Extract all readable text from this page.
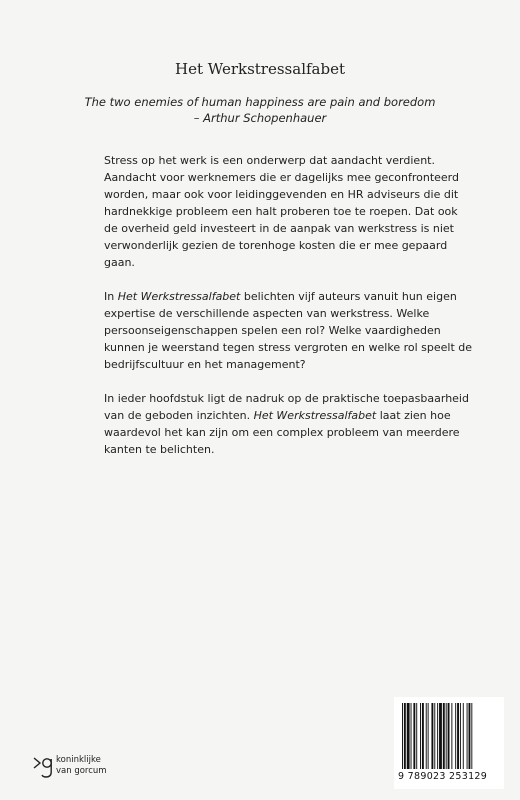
Het Werkstressalfabet
The two enemies of human happiness are pain and boredom
– Arthur Schopenhauer

Stress op het werk is een onderwerp dat aandacht verdient.
Aandacht voor werknemers die er dagelijks mee geconfronteerd
worden, maar ook voor leidinggevenden en HR adviseurs die dit
hardnekkige probleem een halt proberen toe te roepen. Dat ook
de overheid geld investeert in de aanpak van werkstress is niet
verwonderlijk gezien de torenhoge kosten die er mee gepaard
gaan.

In Het Werkstressalfabet belichten vijf auteurs vanuit hun eigen
expertise de verschillende aspecten van werkstress. Welke
persoonseigenschappen spelen een rol? Welke vaardigheden
kunnen je weerstand tegen stress vergroten en welke rol speelt de
bedrijfscultuur en het management?

In ieder hoofdstuk ligt de nadruk op de praktische toepasbaarheid
van de geboden inzichten. Het Werkstressalfabet laat zien hoe
waardevol het kan zijn om een complex probleem van meerdere
kanten te belichten.

koninklijke
van gorcum	9 789023 253129
